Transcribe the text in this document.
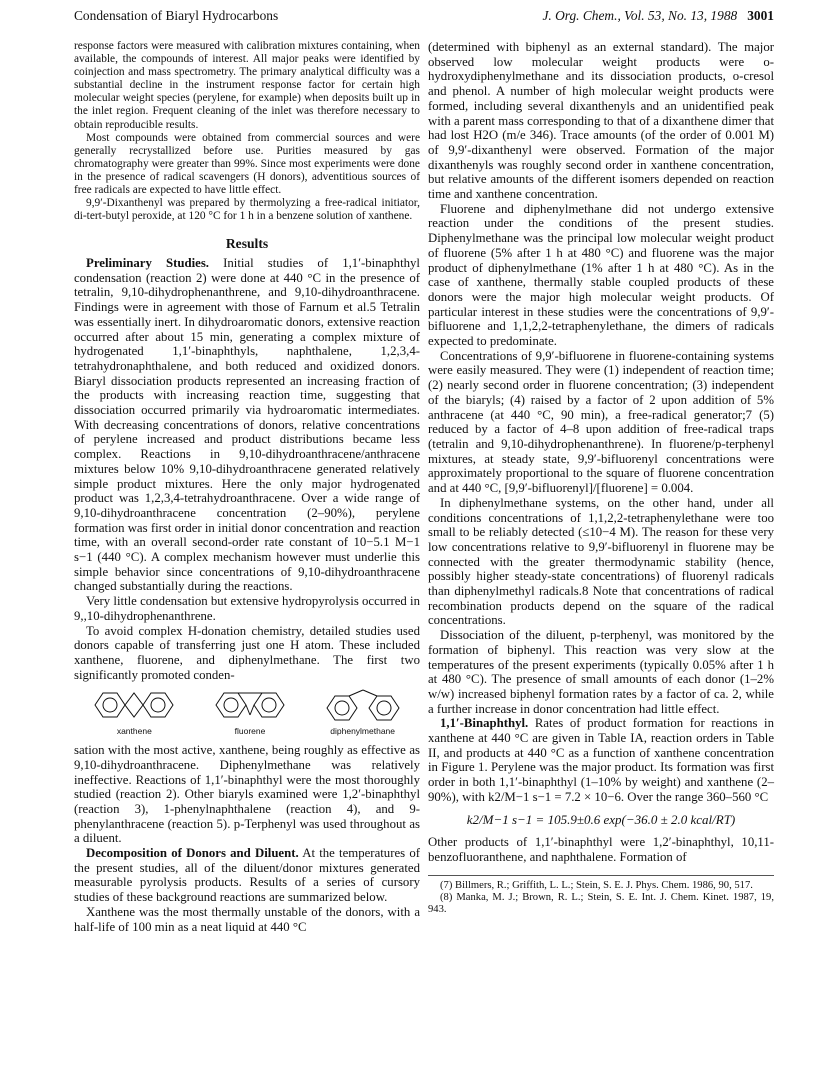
Condensation of Biaryl Hydrocarbons	J. Org. Chem., Vol. 53, No. 13, 1988 3001

response factors were measured with calibration mixtures containing, when available, the compounds of interest. All major peaks were identified by coinjection and mass spectrometry. The primary analytical difficulty was a substantial decline in the instrument response factor for certain high molecular weight species (perylene, for example) when deposits built up in the inlet region. Frequent cleaning of the inlet was therefore necessary to obtain reproducible results.

Most compounds were obtained from commercial sources and were generally recrystallized before use. Purities measured by gas chromatography were greater than 99%. Since most experiments were done in the presence of radical scavengers (H donors), adventitious sources of free radicals are expected to have little effect.

9,9′-Dixanthenyl was prepared by thermolyzing a free-radical initiator, di-tert-butyl peroxide, at 120 °C for 1 h in a benzene solution of xanthene.

Results

Preliminary Studies. Initial studies of 1,1′-binaphthyl condensation (reaction 2) were done at 440 °C in the presence of tetralin, 9,10-dihydrophenanthrene, and 9,10-dihydroanthracene. Findings were in agreement with those of Farnum et al.5 Tetralin was essentially inert. In dihydroaromatic donors, extensive reaction occurred after about 15 min, generating a complex mixture of hydrogenated 1,1′-binaphthyls, naphthalene, 1,2,3,4-tetrahydronaphthalene, and both reduced and oxidized donors. Biaryl dissociation products represented an increasing fraction of the products with increasing reaction time, suggesting that dissociation occurred primarily via hydroaromatic intermediates. With decreasing concentrations of donors, relative concentrations of perylene increased and product distributions became less complex. Reactions in 9,10-dihydroanthracene/anthracene mixtures below 10% 9,10-dihydroanthracene generated relatively simple product mixtures. Here the only major hydrogenated product was 1,2,3,4-tetrahydroanthracene. Over a wide range of 9,10-dihydroanthracene concentration (2–90%), perylene formation was first order in initial donor concentration and reaction time, with an overall second-order rate constant of 10−5.1 M−1 s−1 (440 °C). A complex mechanism however must underlie this simple behavior since concentrations of 9,10-dihydroanthracene changed substantially during the reactions.

Very little condensation but extensive hydropyrolysis occurred in 9,,10-dihydrophenanthrene.

To avoid complex H-donation chemistry, detailed studies used donors capable of transferring just one H atom. These included xanthene, fluorene, and diphenylmethane. The first two significantly promoted conden-

xanthene	fluorene	diphenylmethane

sation with the most active, xanthene, being roughly as effective as 9,10-dihydroanthracene. Diphenylmethane was relatively ineffective. Reactions of 1,1′-binaphthyl were the most thoroughly studied (reaction 2). Other biaryls examined were 1,2′-binaphthyl (reaction 3), 1-phenylnaphthalene (reaction 4), and 9-phenylanthracene (reaction 5). p-Terphenyl was used throughout as a diluent.

Decomposition of Donors and Diluent. At the temperatures of the present studies, all of the diluent/donor mixtures generated measurable pyrolysis products. Results of a series of cursory studies of these background reactions are summarized below.

Xanthene was the most thermally unstable of the donors, with a half-life of 100 min as a neat liquid at 440 °C

(determined with biphenyl as an external standard). The major observed low molecular weight products were o-hydroxydiphenylmethane and its dissociation products, o-cresol and phenol. A number of high molecular weight products were formed, including several dixanthenyls and an unidentified peak with a parent mass corresponding to that of a dixanthene dimer that had lost H2O (m/e 346). Trace amounts (of the order of 0.001 M) of 9,9′-dixanthenyl were observed. Formation of the major dixanthenyls was roughly second order in xanthene concentration, but relative amounts of the different isomers depended on reaction time and xanthene concentration.

Fluorene and diphenylmethane did not undergo extensive reaction under the conditions of the present studies. Diphenylmethane was the principal low molecular weight product of fluorene (5% after 1 h at 480 °C) and fluorene was the major product of diphenylmethane (1% after 1 h at 480 °C). As in the case of xanthene, thermally stable coupled products of these donors were the major high molecular weight products. Of particular interest in these studies were the concentrations of 9,9′-bifluorene and 1,1,2,2-tetraphenylethane, the dimers of radicals expected to predominate.

Concentrations of 9,9′-bifluorene in fluorene-containing systems were easily measured. They were (1) independent of reaction time; (2) nearly second order in fluorene concentration; (3) independent of the biaryls; (4) raised by a factor of 2 upon addition of 5% anthracene (at 440 °C, 90 min), a free-radical generator;7 (5) reduced by a factor of 4–8 upon addition of free-radical traps (tetralin and 9,10-dihydrophenanthrene). In fluorene/p-terphenyl mixtures, at steady state, 9,9′-bifluorenyl concentrations were approximately proportional to the square of fluorene concentration and at 440 °C, [9,9′-bifluorenyl]/[fluorene] = 0.004.

In diphenylmethane systems, on the other hand, under all conditions concentrations of 1,1,2,2-tetraphenylethane were too small to be reliably detected (≤10−4 M). The reason for these very low concentrations relative to 9,9′-bifluorenyl in fluorene may be connected with the greater thermodynamic stability (hence, possibly higher steady-state concentrations) of fluorenyl radicals than diphenylmethyl radicals.8 Note that concentrations of radical recombination products depend on the square of the radical concentrations.

Dissociation of the diluent, p-terphenyl, was monitored by the formation of biphenyl. This reaction was very slow at the temperatures of the present experiments (typically 0.05% after 1 h at 480 °C). The presence of small amounts of each donor (1–2% w/w) increased biphenyl formation rates by a factor of ca. 2, while a further increase in donor concentration had little effect.

1,1′-Binaphthyl. Rates of product formation for reactions in xanthene at 440 °C are given in Table IA, reaction orders in Table II, and products at 440 °C as a function of xanthene concentration in Figure 1. Perylene was the major product. Its formation was first order in both 1,1′-binaphthyl (1–10% by weight) and xanthene (2–90%), with k2/M−1 s−1 = 7.2 × 10−6. Over the range 360–560 °C

k2/M−1 s−1 = 105.9±0.6 exp(−36.0 ± 2.0 kcal/RT)

Other products of 1,1′-binaphthyl were 1,2′-binaphthyl, 10,11-benzofluoranthene, and naphthalene. Formation of

(7) Billmers, R.; Griffith, L. L.; Stein, S. E. J. Phys. Chem. 1986, 90, 517.
(8) Manka, M. J.; Brown, R. L.; Stein, S. E. Int. J. Chem. Kinet. 1987, 19, 943.
